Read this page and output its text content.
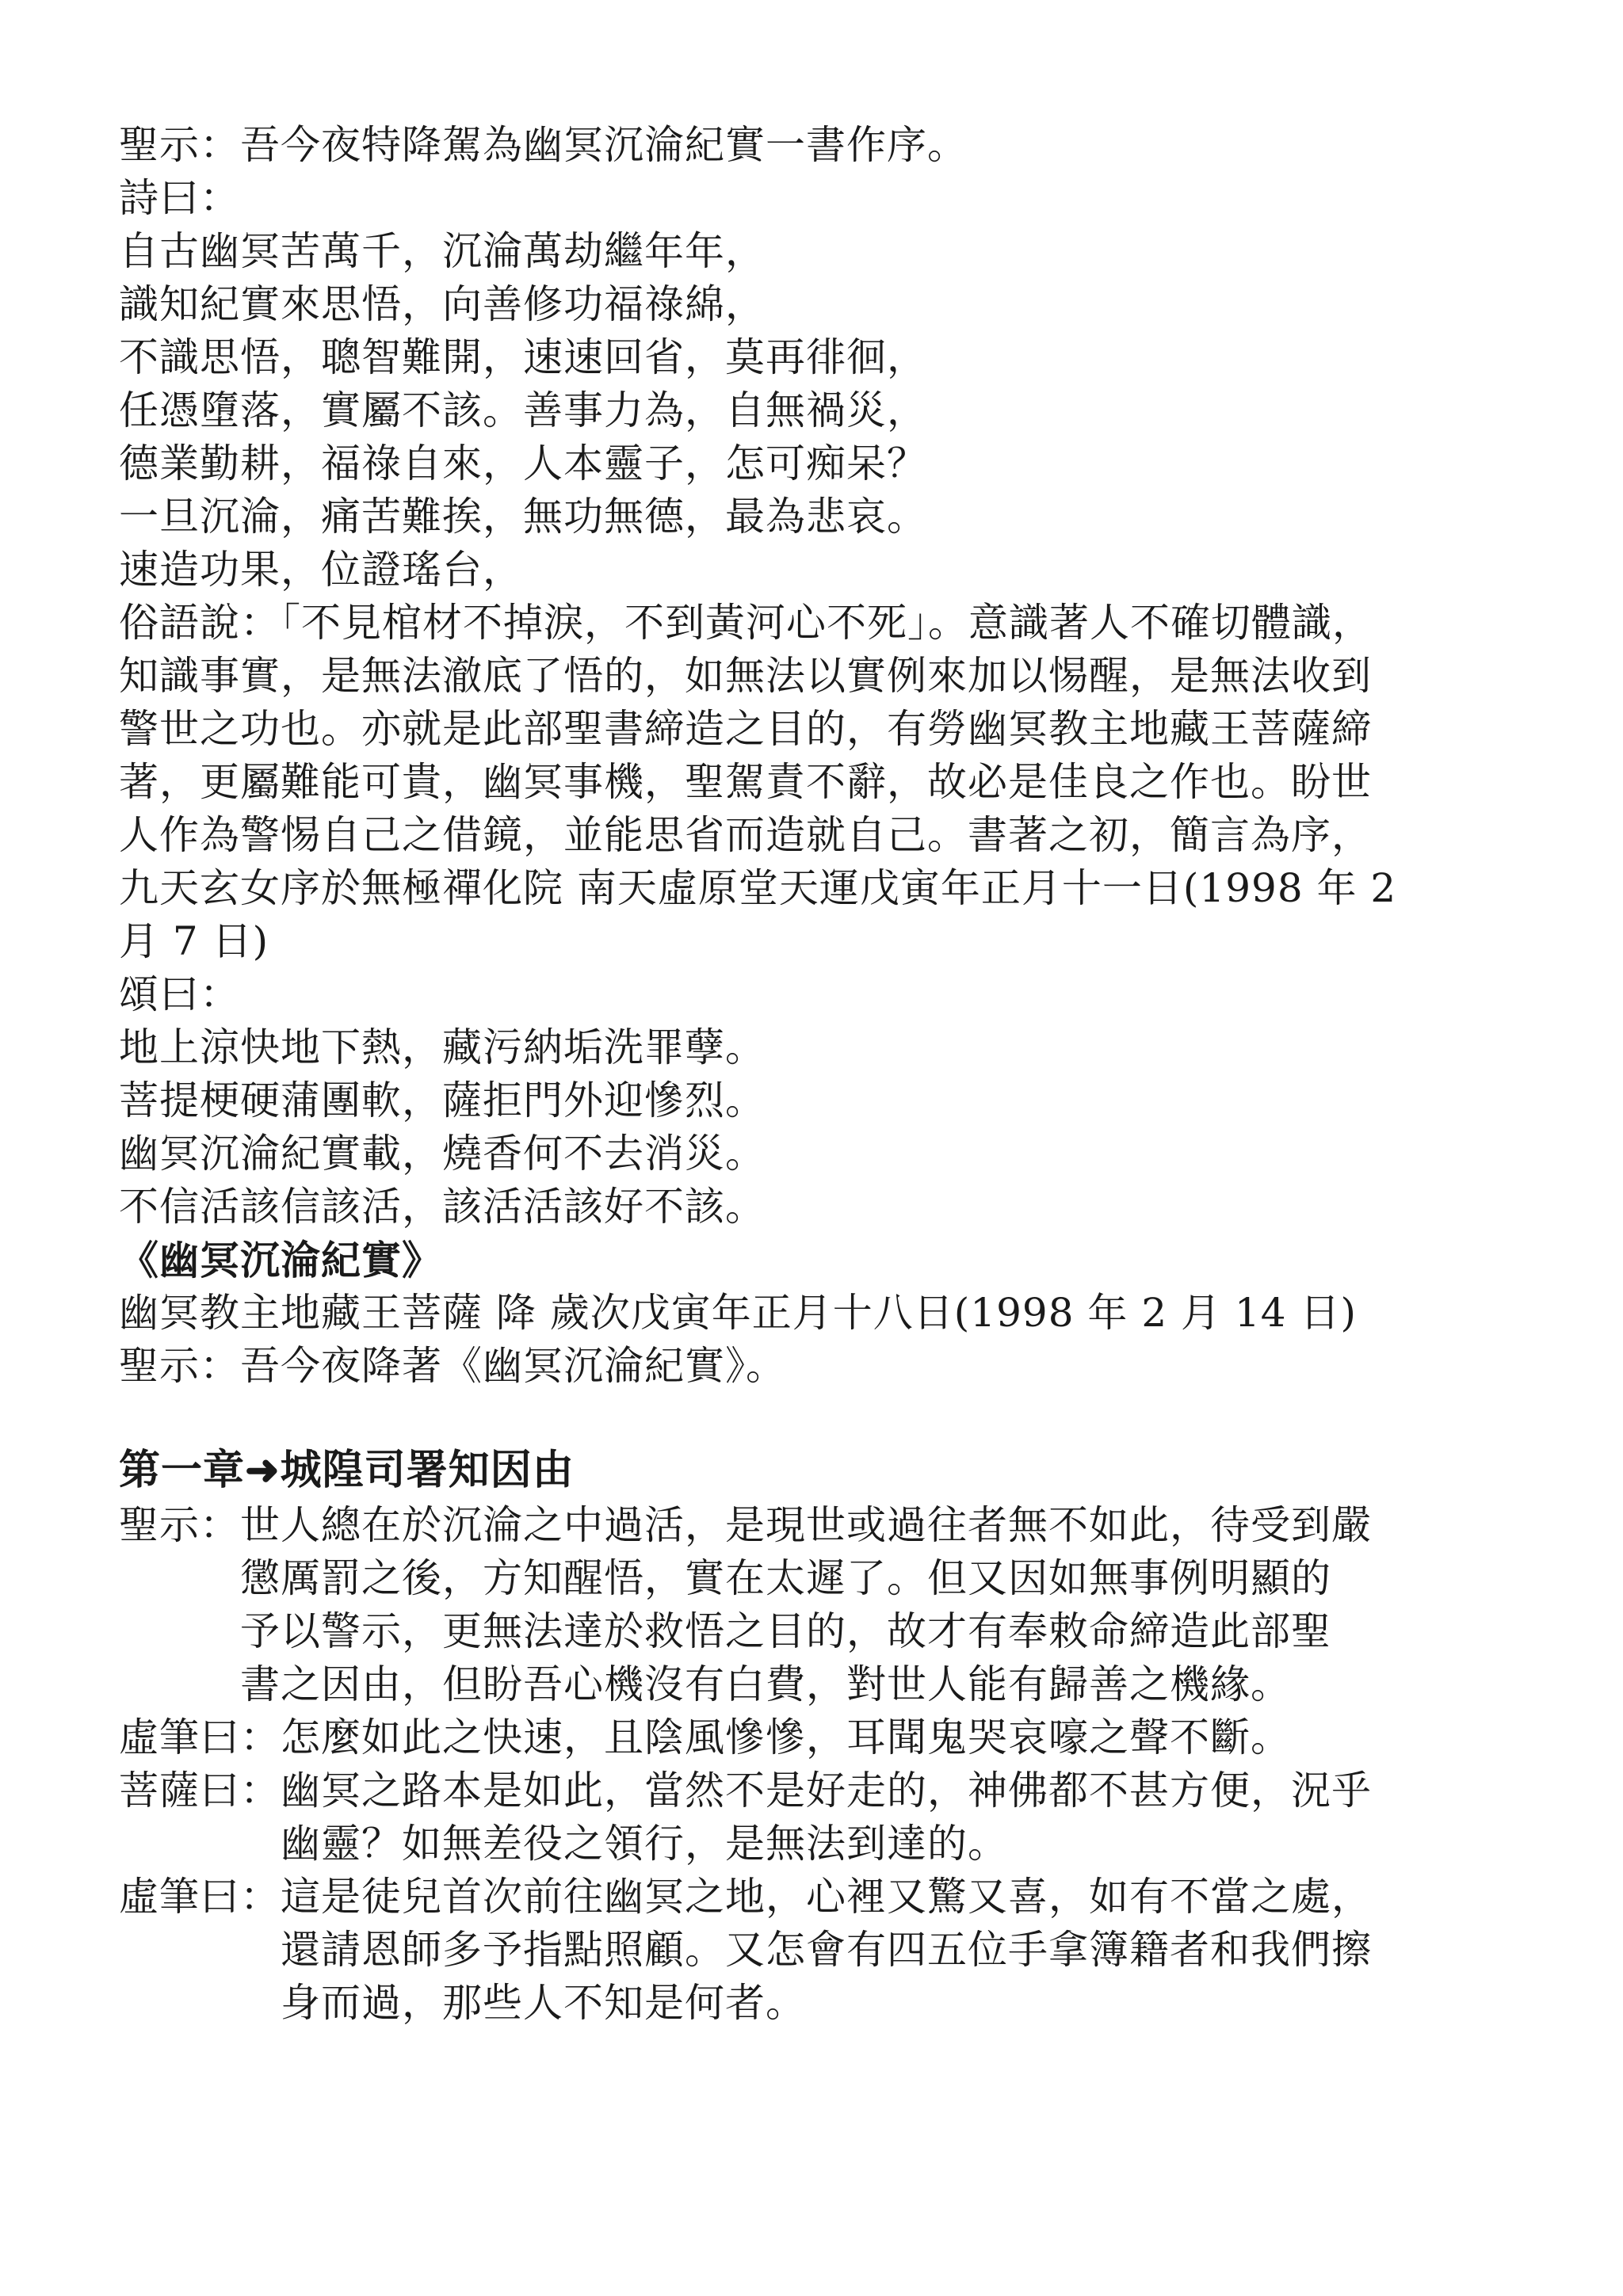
聖示：吾今夜特降駕為幽冥沉淪紀實一書作序。
詩曰：
自古幽冥苦萬千，沉淪萬劫繼年年，
識知紀實來思悟，向善修功福祿綿，
不識思悟，聰智難開，速速回省，莫再徘徊，
任憑墮落，實屬不該。善事力為，自無禍災，
德業勤耕，福祿自來，人本靈子，怎可痴呆？
一旦沉淪，痛苦難挨，無功無德，最為悲哀。
速造功果，位證瑤台，
俗語說：「不見棺材不掉淚，不到黃河心不死」。意識著人不確切體識，
知識事實，是無法澈底了悟的，如無法以實例來加以惕醒，是無法收到
警世之功也。亦就是此部聖書締造之目的，有勞幽冥教主地藏王菩薩締
著，更屬難能可貴，幽冥事機，聖駕責不辭，故必是佳良之作也。盼世
人作為警惕自己之借鏡，並能思省而造就自己。書著之初，簡言為序，
九天玄女序於無極禪化院 南天虛原堂天運戊寅年正月十一日(1998 年 2
月 7 日)
頌曰：
地上涼快地下熱，藏污納垢洗罪孽。
菩提梗硬蒲團軟，薩拒門外迎慘烈。
幽冥沉淪紀實載，燒香何不去消災。
不信活該信該活，該活活該好不該。
《幽冥沉淪紀實》
幽冥教主地藏王菩薩 降 歲次戊寅年正月十八日(1998 年 2 月 14 日)
聖示：吾今夜降著《幽冥沉淪紀實》。
第一章➜城隍司署知因由
聖示： 世人總在於沉淪之中過活，是現世或過往者無不如此，待受到嚴
懲厲罰之後，方知醒悟，實在太遲了。但又因如無事例明顯的
予以警示，更無法達於救悟之目的，故才有奉敕命締造此部聖
書之因由，但盼吾心機沒有白費，對世人能有歸善之機緣。
虛筆曰： 怎麼如此之快速，且陰風慘慘，耳聞鬼哭哀嚎之聲不斷。
菩薩曰： 幽冥之路本是如此，當然不是好走的，神佛都不甚方便，況乎
幽靈？如無差役之領行，是無法到達的。
虛筆曰： 這是徒兒首次前往幽冥之地，心裡又驚又喜，如有不當之處，
還請恩師多予指點照顧。又怎會有四五位手拿簿籍者和我們擦
身而過，那些人不知是何者。
